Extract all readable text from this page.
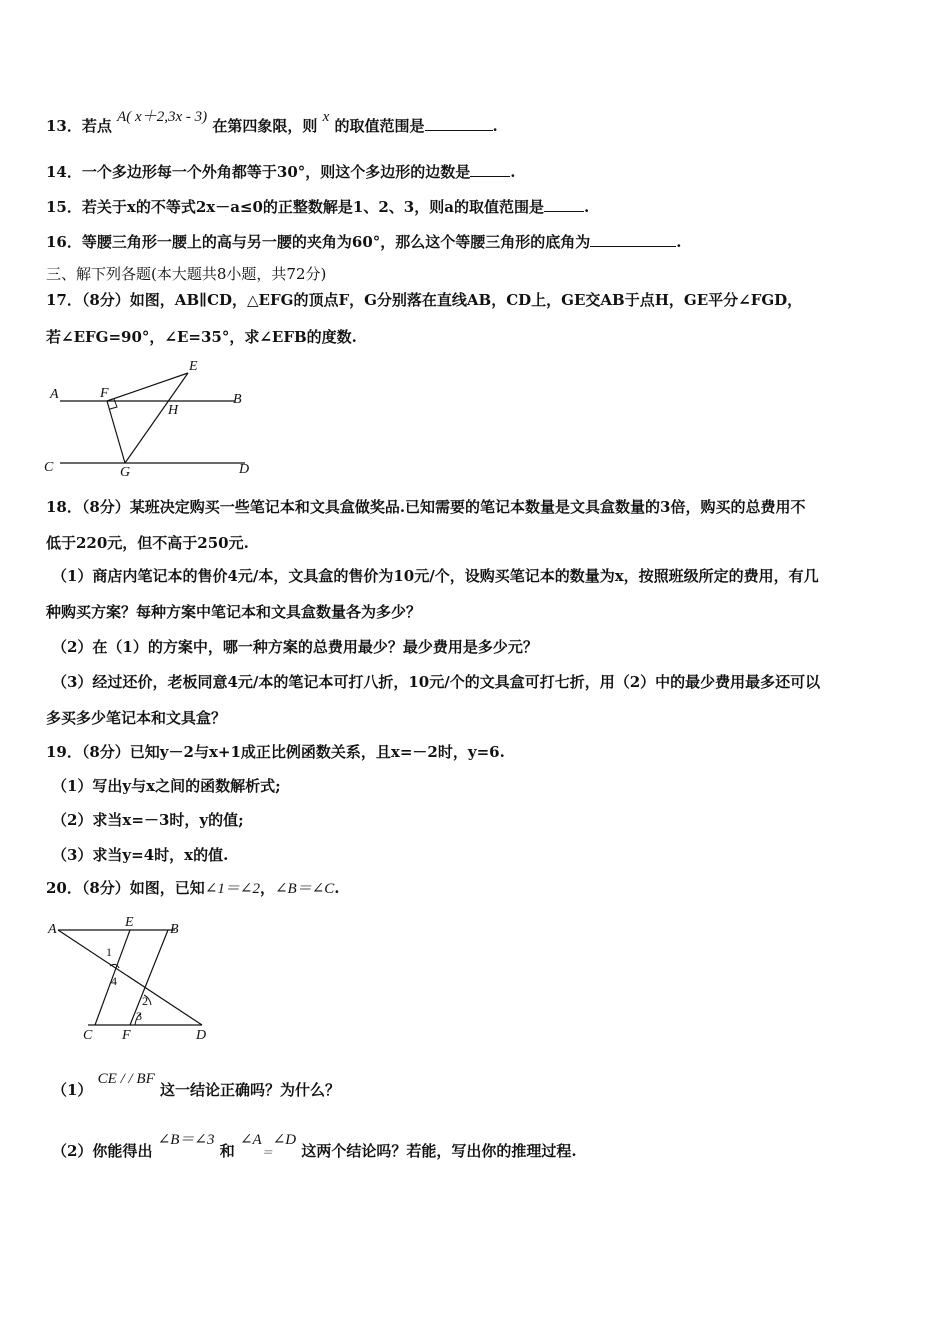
13．若点 A( x＋2,3x - 3) 在第四象限，则 x 的取值范围是	.
14．一个多边形每一个外角都等于30°，则这个多边形的边数是	.
15．若关于x的不等式2x－a≤0的正整数解是1、2、3，则a的取值范围是	.
16．等腰三角形一腰上的高与另一腰的夹角为60°，那么这个等腰三角形的底角为	.
三、解下列各题(本大题共8小题，共72分)
17．（8分）如图，AB∥CD，△EFG的顶点F，G分别落在直线AB，CD上，GE交AB于点H，GE平分∠FGD，
若∠EFG=90°，∠E=35°，求∠EFB的度数.
A	B
C	D
E
F
G
H
18．（8分）某班决定购买一些笔记本和文具盒做奖品.已知需要的笔记本数量是文具盒数量的3倍，购买的总费用不
低于220元，但不高于250元.
（1）商店内笔记本的售价4元/本，文具盒的售价为10元/个，设购买笔记本的数量为x，按照班级所定的费用，有几
种购买方案？每种方案中笔记本和文具盒数量各为多少？
（2）在（1）的方案中，哪一种方案的总费用最少？最少费用是多少元？
（3）经过还价，老板同意4元/本的笔记本可打八折，10元/个的文具盒可打七折，用（2）中的最少费用最多还可以
多买多少笔记本和文具盒？
19．（8分）已知y－2与x+1成正比例函数关系，且x=－2时，y=6.
（1）写出y与x之间的函数解析式;
（2）求当x=－3时，y的值;
（3）求当y=4时，x的值.
20．（8分）如图，已知∠1＝∠2，∠B＝∠C.
A	E	B
C F	D
1
4
2
3
（1） CE / / BF 这一结论正确吗？为什么？
（2）你能得出 ∠B＝∠3 和 ∠A＝∠D 这两个结论吗？若能，写出你的推理过程.
